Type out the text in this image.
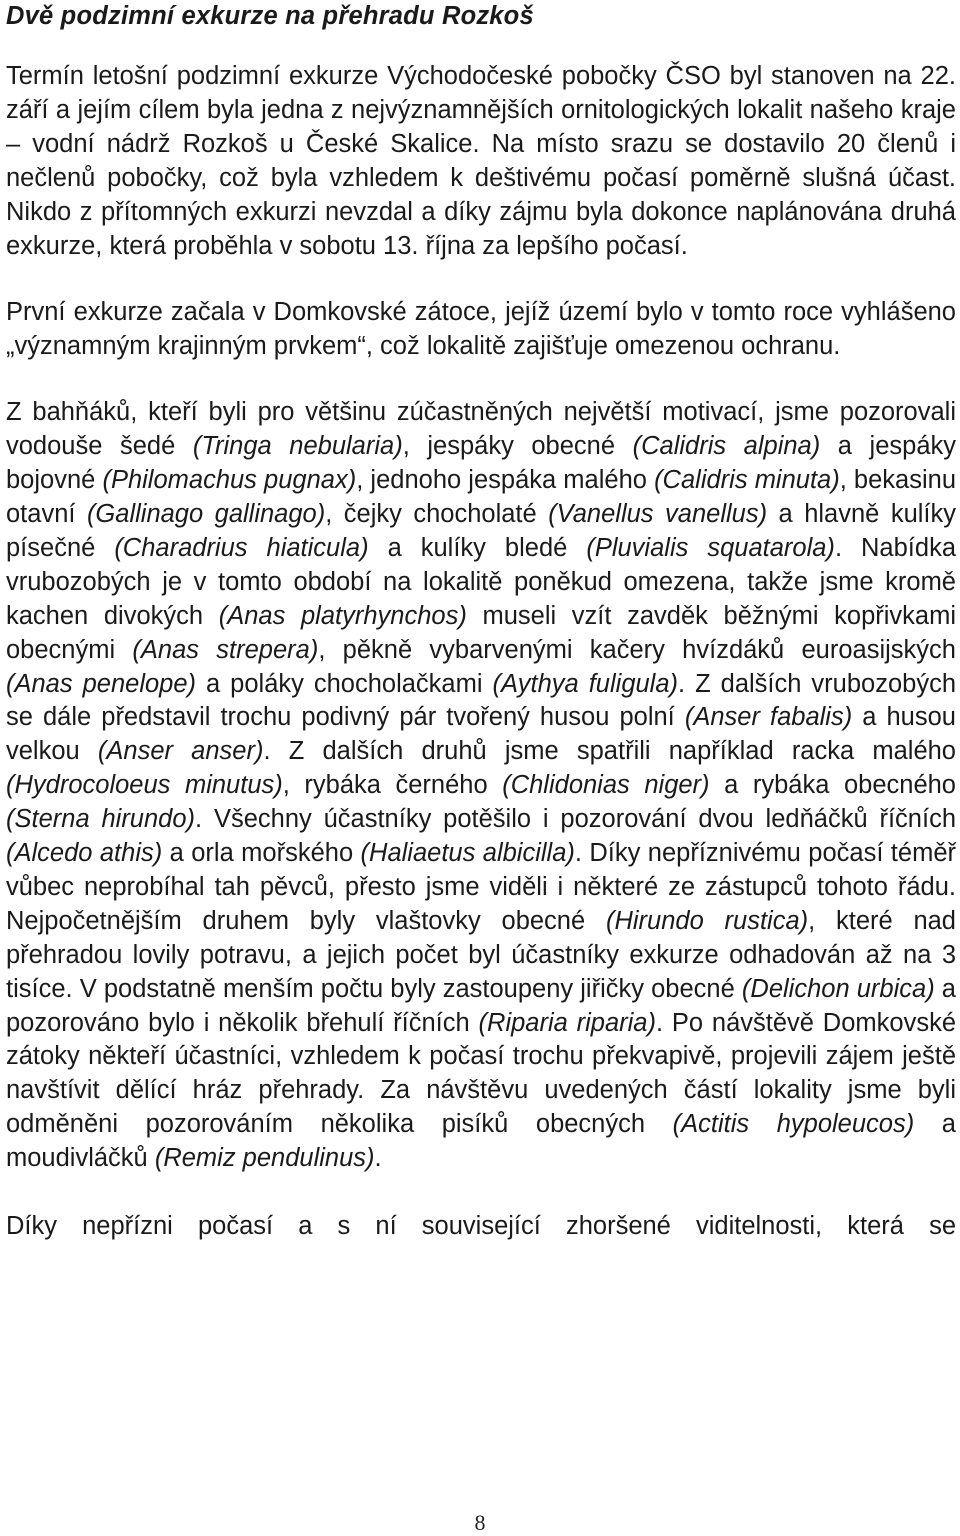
Dvě podzimní exkurze na přehradu Rozkoš

Termín letošní podzimní exkurze Východočeské pobočky ČSO byl stanoven na 22. září a jejím cílem byla jedna z nejvýznamnějších ornitologických lokalit našeho kraje – vodní nádrž Rozkoš u České Skalice. Na místo srazu se dostavilo 20 členů i nečlenů pobočky, což byla vzhledem k deštivému počasí poměrně slušná účast. Nikdo z přítomných exkurzi nevzdal a díky zájmu byla dokonce naplánována druhá exkurze, která proběhla v sobotu 13. října za lepšího počasí.

První exkurze začala v Domkovské zátoce, jejíž území bylo v tomto roce vyhlášeno „významným krajinným prvkem“, což lokalitě zajišťuje omezenou ochranu.

Z bahňáků, kteří byli pro většinu zúčastněných největší motivací, jsme pozorovali vodouše šedé (Tringa nebularia), jespáky obecné (Calidris alpina) a jespáky bojovné (Philomachus pugnax), jednoho jespáka malého (Calidris minuta), bekasinu otavní (Gallinago gallinago), čejky chocholaté (Vanellus vanellus) a hlavně kulíky písečné (Charadrius hiaticula) a kulíky bledé (Pluvialis squatarola). Nabídka vrubozobých je v tomto období na lokalitě poněkud omezena, takže jsme kromě kachen divokých (Anas platyrhynchos) museli vzít zavděk běžnými kopřivkami obecnými (Anas strepera), pěkně vybarvenými kačery hvízdáků euroasijských (Anas penelope) a poláky chocholačkami (Aythya fuligula). Z dalších vrubozobých se dále představil trochu podivný pár tvořený husou polní (Anser fabalis) a husou velkou (Anser anser). Z dalších druhů jsme spatřili například racka malého (Hydrocoloeus minutus), rybáka černého (Chlidonias niger) a rybáka obecného (Sterna hirundo). Všechny účastníky potěšilo i pozorování dvou ledňáčků říčních (Alcedo athis) a orla mořského (Haliaetus albicilla). Díky nepříznivému počasí téměř vůbec neprobíhal tah pěvců, přesto jsme viděli i některé ze zástupců tohoto řádu. Nejpočetnějším druhem byly vlaštovky obecné (Hirundo rustica), které nad přehradou lovily potravu, a jejich počet byl účastníky exkurze odhadován až na 3 tisíce. V podstatně menším počtu byly zastoupeny jiřičky obecné (Delichon urbica) a pozorováno bylo i několik břehulí říčních (Riparia riparia). Po návštěvě Domkovské zátoky někteří účastníci, vzhledem k počasí trochu překvapivě, projevili zájem ještě navštívit dělící hráz přehrady. Za návštěvu uvedených částí lokality jsme byli odměněni pozorováním několika pisíků obecných (Actitis hypoleucos) a moudivláčků (Remiz pendulinus).

Díky nepřízni počasí a s ní související zhoršené viditelnosti, která se

8
